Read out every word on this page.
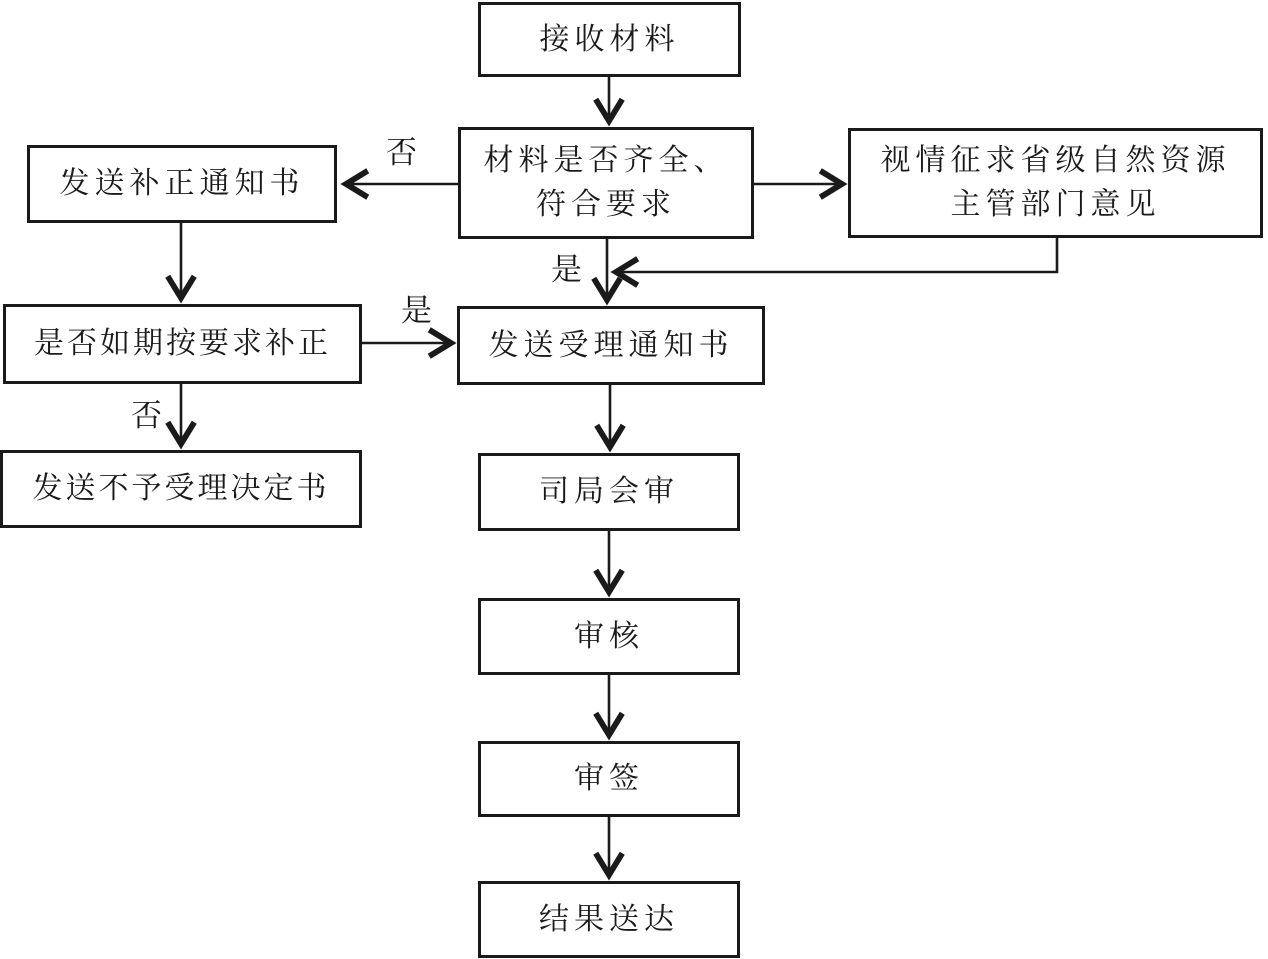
接收材料
材料是否齐全、
符合要求
视情征求省级自然资源
主管部门意见
发送补正通知书
是否如期按要求补正
发送不予受理决定书
发送受理通知书
司局会审
审核
审签
结果送达
否
是
是
否
